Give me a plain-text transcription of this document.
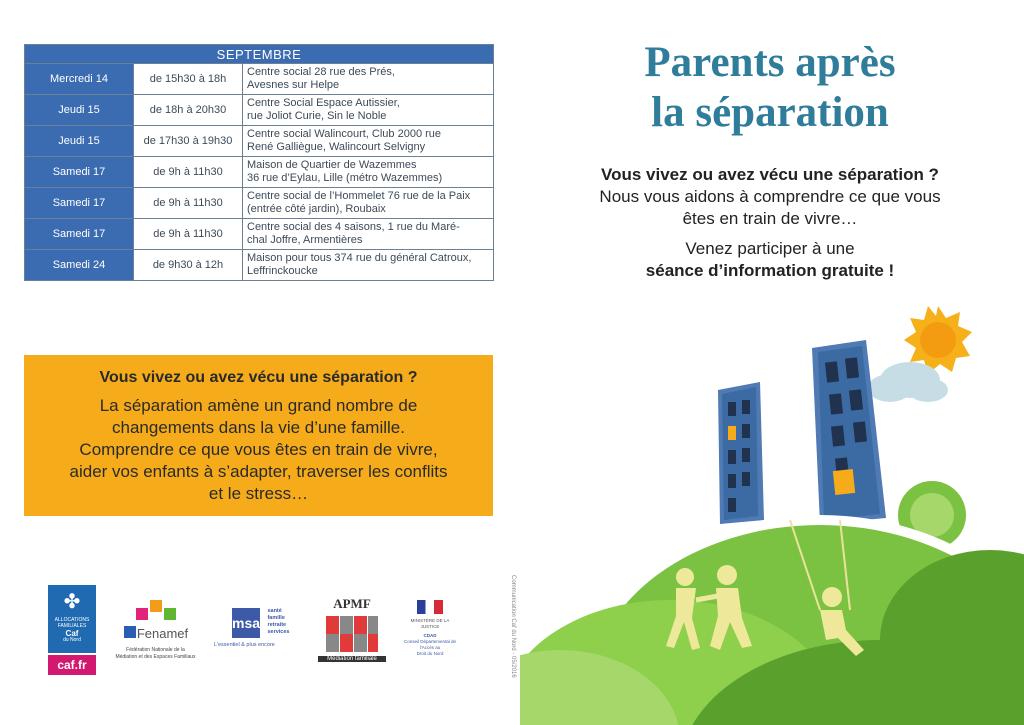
SEPTEMBRE		
Mercredi 14	de 15h30 à 18h	Centre social 28 rue des Prés,
Avesnes sur Helpe
Jeudi 15	de 18h à 20h30	Centre Social Espace Autissier,
rue Joliot Curie, Sin le Noble
Jeudi 15	de 17h30 à 19h30	Centre social Walincourt, Club 2000 rue
René Galliègue, Walincourt Selvigny
Samedi 17	de 9h à 11h30	Maison de Quartier de Wazemmes
36 rue d’Eylau, Lille (métro Wazemmes)
Samedi 17	de 9h à 11h30	Centre social de l’Hommelet 76 rue de la Paix
(entrée côté jardin), Roubaix
Samedi 17	de 9h à 11h30	Centre social des 4 saisons, 1 rue du Maré-
chal Joffre, Armentières
Samedi 24	de 9h30 à 12h	Maison pour tous 374 rue du général Catroux,
Leffrinckoucke
Parents après
la séparation
Vous vivez ou avez vécu une séparation ?
Nous vous aidons à comprendre ce que vous
êtes en train de vivre…
Venez participer à une
séance d’information gratuite !
Vous vivez ou avez vécu une séparation ?
La séparation amène un grand nombre de
changements dans la vie d’une famille.
Comprendre ce que vous êtes en train de vivre,
aider vos enfants à s’adapter, traverser les conflits
et le stress…
✤
ALLOCATIONS
FAMILIALES
Caf
du Nord
caf.fr
Fenamef
Fédération Nationale de la
Médiation et des Espaces Familiaux
msa santé
famille
retraite
services
L’essentiel & plus encore
APMF
Médiation familiale
MINISTÈRE DE LA JUSTICE
CDAD
Conseil Départemental de l’Accès au
Droit du Nord	Communication Caf du Nord - 05/2016
